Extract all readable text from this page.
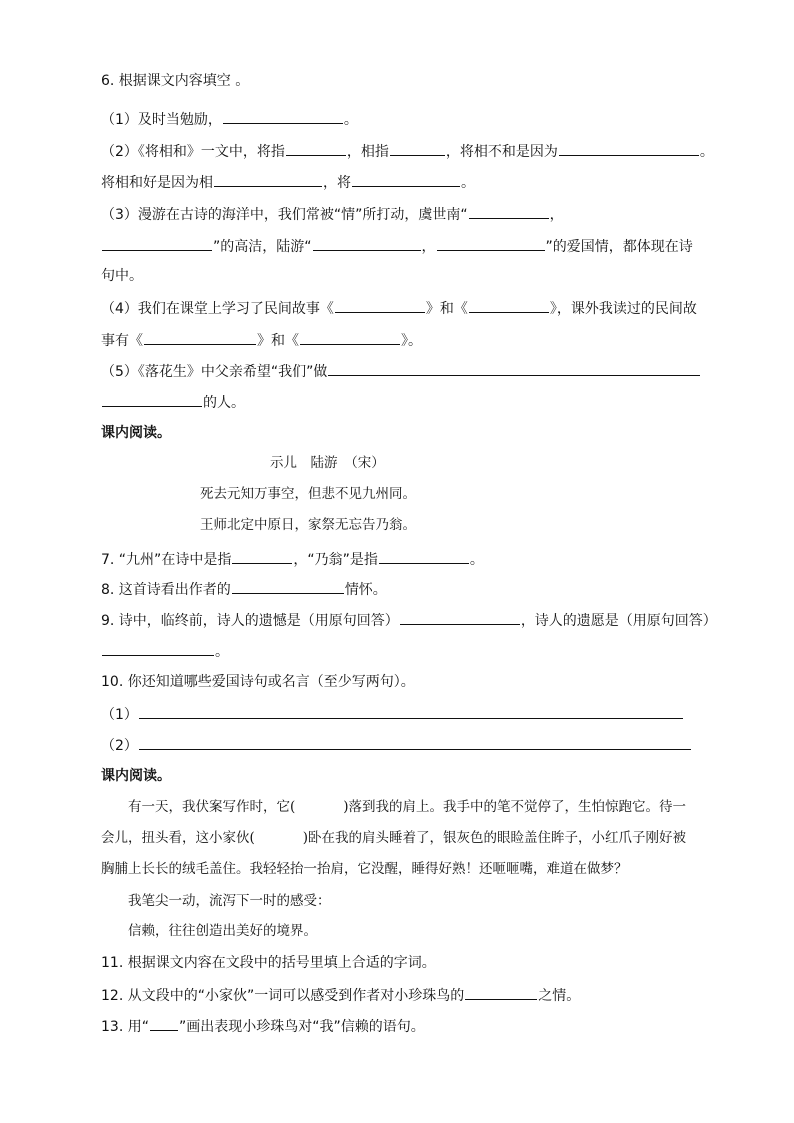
6. 根据课文内容填空 。
（1）及时当勉励，	。
（2）《将相和》一文中，将指	，相指	，将相不和是因为	。
将相和好是因为相	，将	。
（3）漫游在古诗的海洋中，我们常被“情”所打动，虞世南“	，
”的高洁，陆游“	，	”的爱国情，都体现在诗
句中。
（4）我们在课堂上学习了民间故事《	》和《	》，课外我读过的民间故
事有《	》和《	》。
（5）《落花生》中父亲希望“我们”做
的人。
课内阅读。
示儿　陆游　（宋）
死去元知万事空，但悲不见九州同。
王师北定中原日，家祭无忘告乃翁。
7. “九州”在诗中是指	，“乃翁”是指	。
8. 这首诗看出作者的	情怀。
9. 诗中，临终前，诗人的遗憾是（用原句回答）	，诗人的遗愿是（用原句回答）
。
10. 你还知道哪些爱国诗句或名言（至少写两句）。
（1）
（2）
课内阅读。
有一天，我伏案写作时，它(	)落到我的肩上。我手中的笔不觉停了，生怕惊跑它。待一
会儿，扭头看，这小家伙(	)卧在我的肩头睡着了，银灰色的眼睑盖住眸子，小红爪子刚好被
胸脯上长长的绒毛盖住。我轻轻抬一抬肩，它没醒，睡得好熟！还咂咂嘴，难道在做梦？
我笔尖一动，流泻下一时的感受：
信赖，往往创造出美好的境界。
11. 根据课文内容在文段中的括号里填上合适的字词。
12. 从文段中的“小家伙”一词可以感受到作者对小珍珠鸟的	之情。
13. 用“ ”画出表现小珍珠鸟对“我”信赖的语句。
